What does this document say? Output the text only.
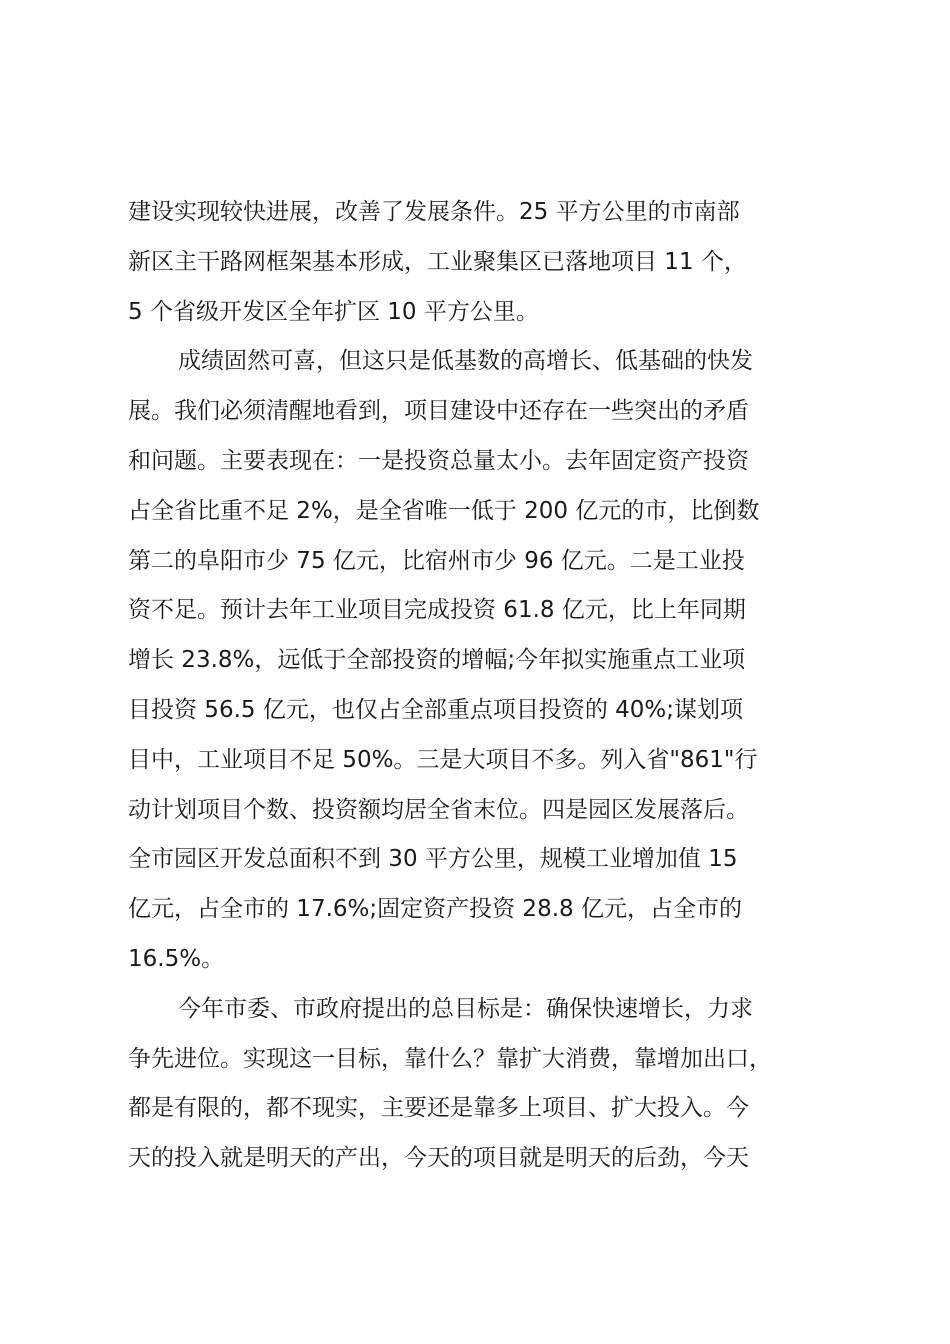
建设实现较快进展，改善了发展条件。25 平方公里的市南部
新区主干路网框架基本形成，工业聚集区已落地项目 11 个，
5 个省级开发区全年扩区 10 平方公里。
成绩固然可喜，但这只是低基数的高增长、低基础的快发
展。我们必须清醒地看到，项目建设中还存在一些突出的矛盾
和问题。主要表现在：一是投资总量太小。去年固定资产投资
占全省比重不足 2%，是全省唯一低于 200 亿元的市，比倒数
第二的阜阳市少 75 亿元，比宿州市少 96 亿元。二是工业投
资不足。预计去年工业项目完成投资 61.8 亿元，比上年同期
增长 23.8%，远低于全部投资的增幅;今年拟实施重点工业项
目投资 56.5 亿元，也仅占全部重点项目投资的 40%;谋划项
目中，工业项目不足 50%。三是大项目不多。列入省"861"行
动计划项目个数、投资额均居全省末位。四是园区发展落后。
全市园区开发总面积不到 30 平方公里，规模工业增加值 15
亿元，占全市的 17.6%;固定资产投资 28.8 亿元，占全市的
16.5%。
今年市委、市政府提出的总目标是：确保快速增长，力求
争先进位。实现这一目标，靠什么？靠扩大消费，靠增加出口，
都是有限的，都不现实，主要还是靠多上项目、扩大投入。今
天的投入就是明天的产出，今天的项目就是明天的后劲，今天
